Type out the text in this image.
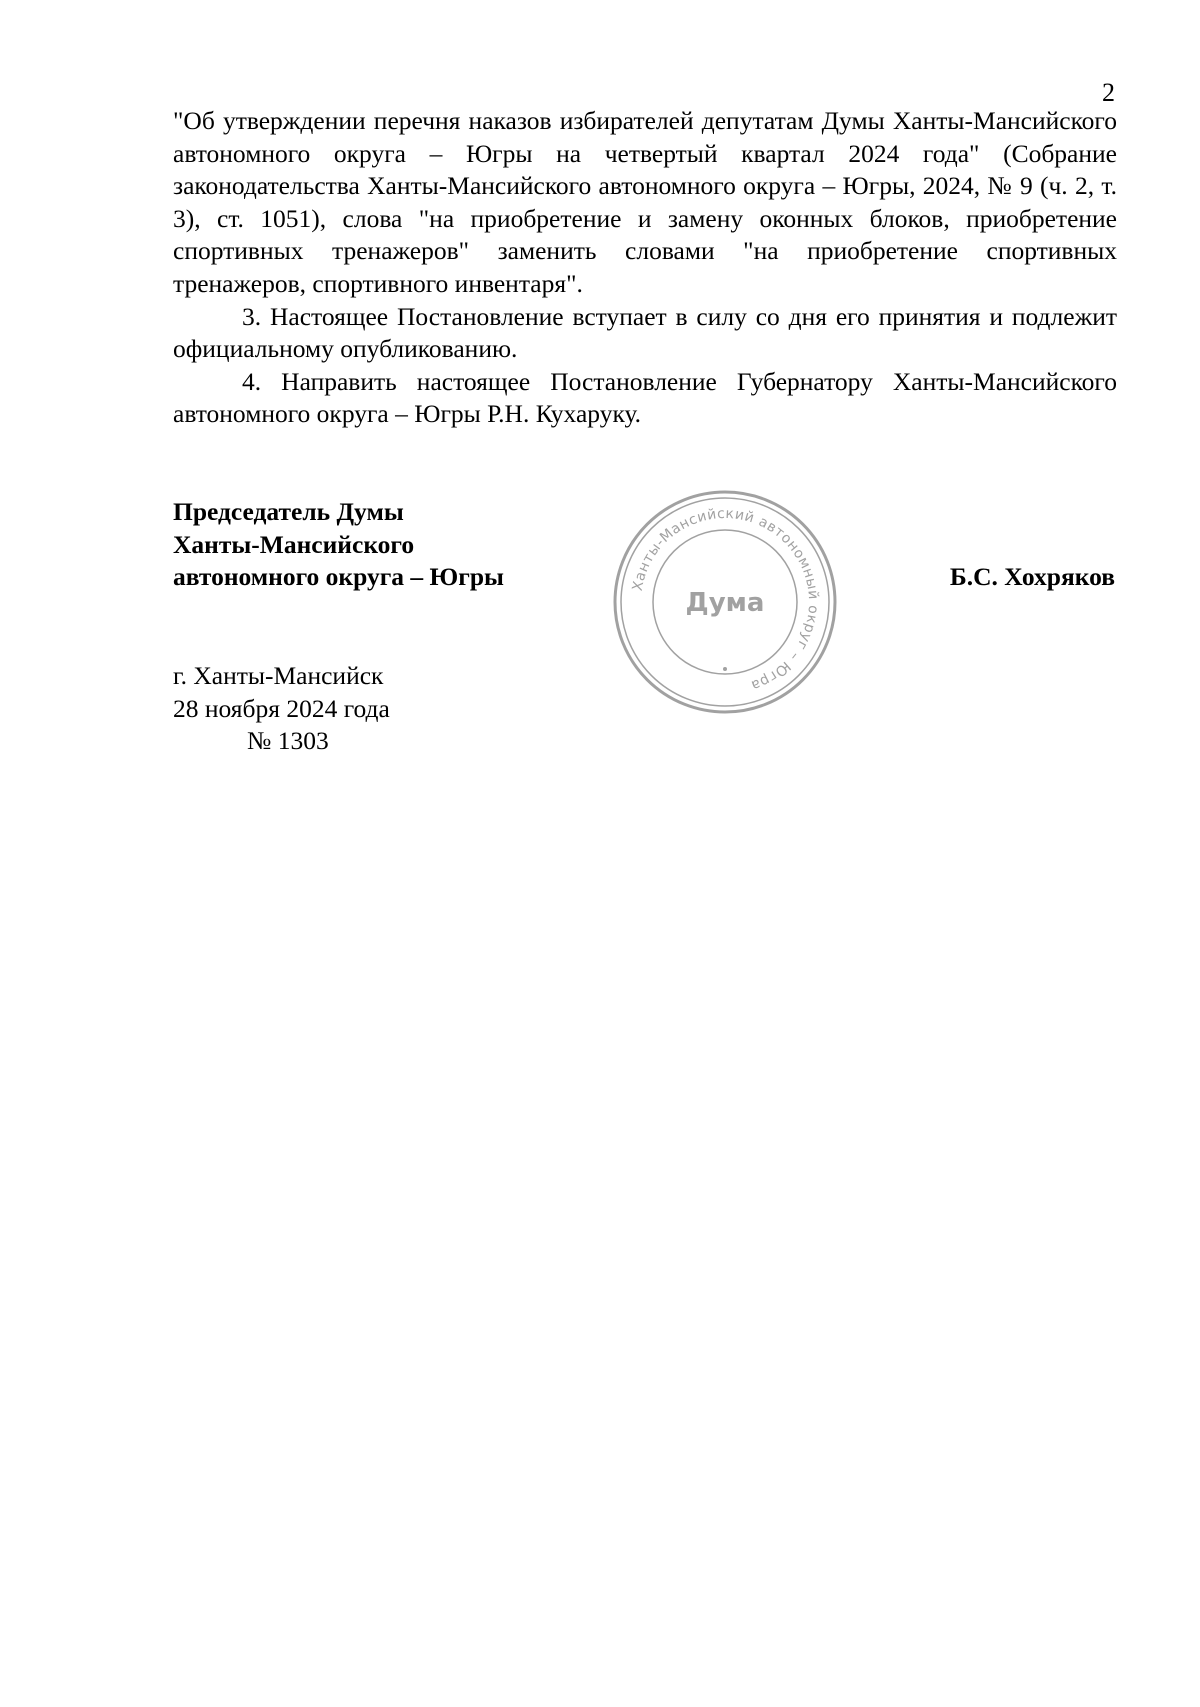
2

"Об утверждении перечня наказов избирателей депутатам Думы Ханты-Мансийского автономного округа – Югры на четвертый квартал 2024 года" (Собрание законодательства Ханты-Мансийского автономного округа – Югры, 2024, № 9 (ч. 2, т. 3), ст. 1051), слова "на приобретение и замену оконных блоков, приобретение спортивных тренажеров" заменить словами "на приобретение спортивных тренажеров, спортивного инвентаря".

3. Настоящее Постановление вступает в силу со дня его принятия и подлежит официальному опубликованию.

4. Направить настоящее Постановление Губернатору Ханты-Мансийского автономного округа – Югры Р.Н. Кухаруку.

Председатель Думы
Ханты-Мансийского
автономного округа – Югры	Б.С. Хохряков
Ханты-Мансийский автономный округ – Югра
Дума
г. Ханты-Мансийск
28 ноября 2024 года
№ 1303
